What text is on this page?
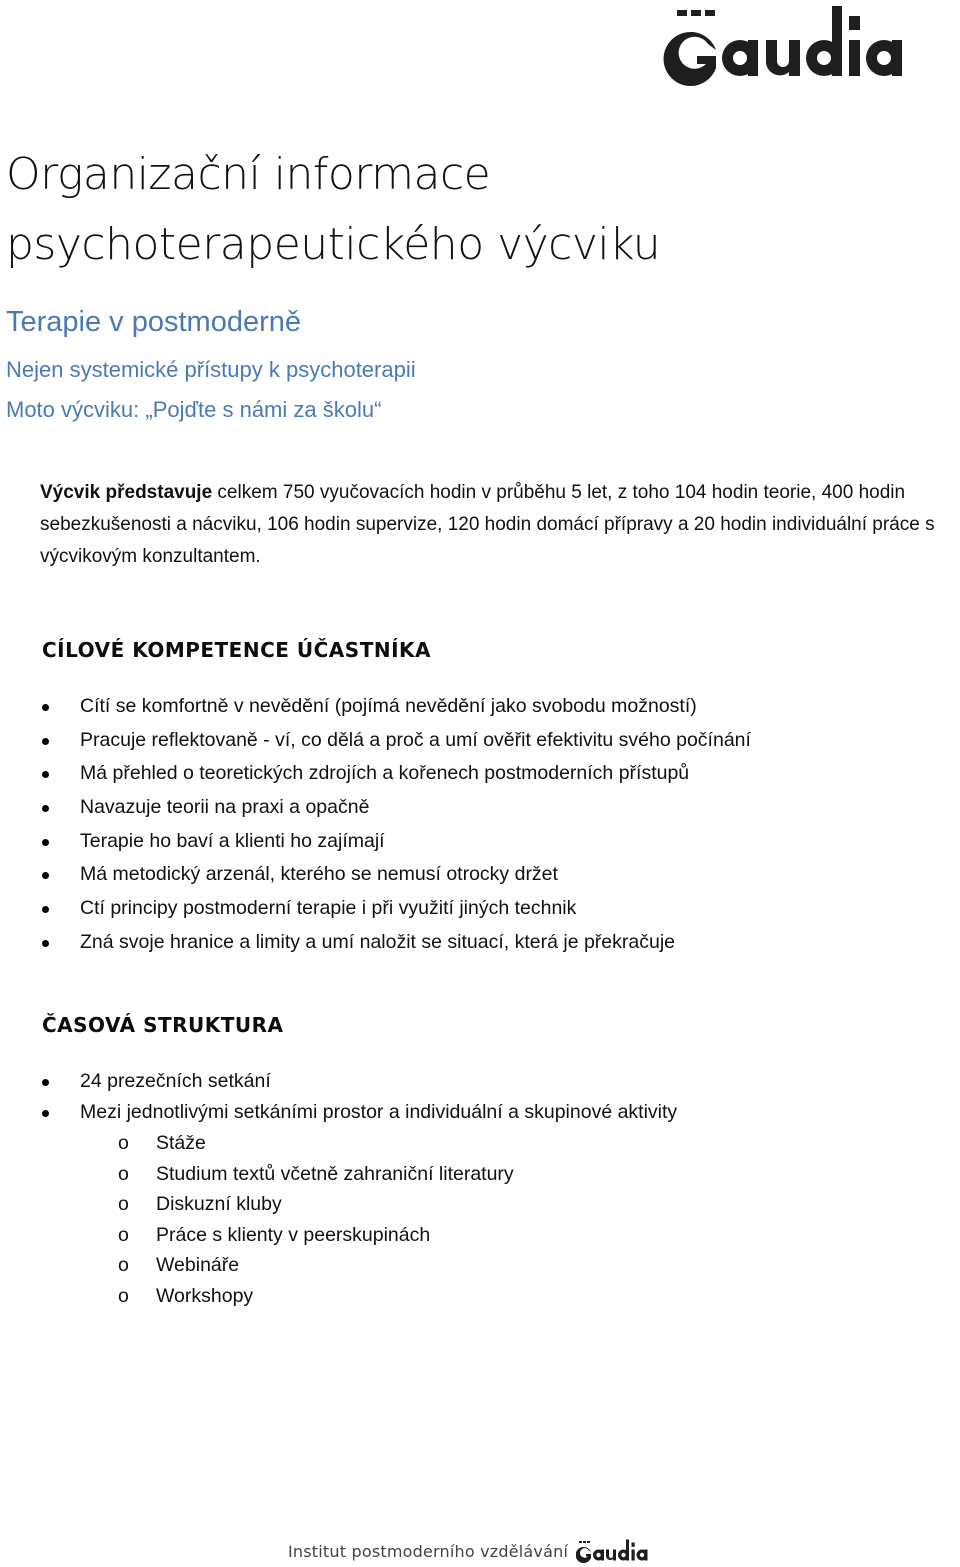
Organizační informace
psychoterapeutického výcviku
Terapie v postmoderně

Nejen systemické přístupy k psychoterapii

Moto výcviku: „Pojďte s námi za školu“

Výcvik představuje celkem 750 vyučovacích hodin v průběhu 5 let, z toho 104 hodin teorie, 400 hodin sebezkušenosti a nácviku, 106 hodin supervize, 120 hodin domácí přípravy a 20 hodin individuální práce s výcvikovým konzultantem.

CÍLOVÉ KOMPETENCE ÚČASTNÍKA
Cítí se komfortně v nevědění (pojímá nevědění jako svobodu možností)
Pracuje reflektovaně - ví, co dělá a proč a umí ověřit efektivitu svého počínání
Má přehled o teoretických zdrojích a kořenech postmoderních přístupů
Navazuje teorii na praxi a opačně
Terapie ho baví a klienti ho zajímají
Má metodický arzenál, kterého se nemusí otrocky držet
Ctí principy postmoderní terapie i při využití jiných technik
Zná svoje hranice a limity a umí naložit se situací, která je překračuje
ČASOVÁ STRUKTURA
24 prezečních setkání
Mezi jednotlivými setkáními prostor a individuální a skupinové aktivity
o Stáže
o Studium textů včetně zahraniční literatury
o Diskuzní kluby
o Práce s klienty v peerskupinách
o Webináře
o Workshopy
Institut postmoderního vzdělávání
